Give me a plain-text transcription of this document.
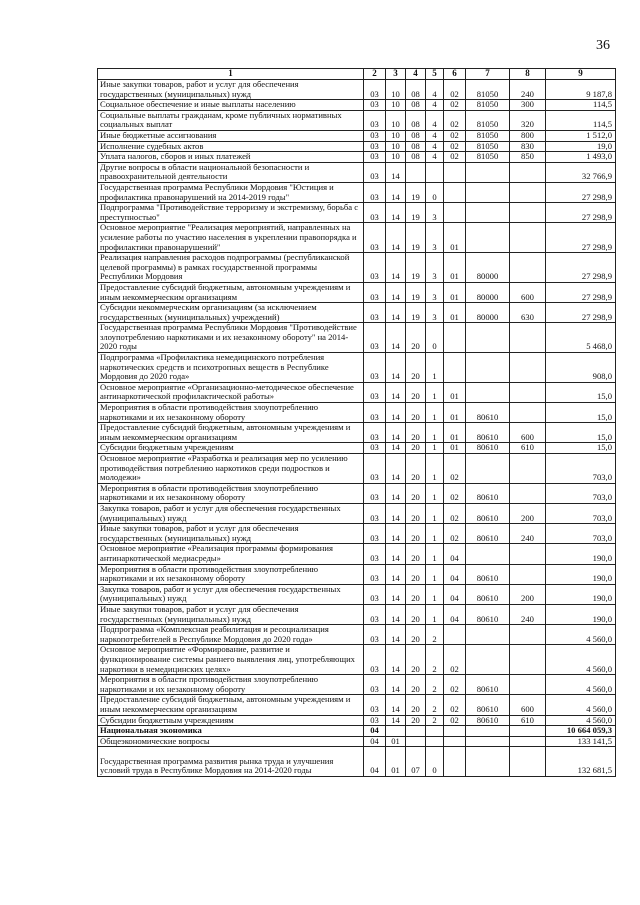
36
1	2	3	4	5	6	7	8	9
Иные закупки товаров, работ и услуг для обеспечения государственных (муниципальных) нужд	03	10	08	4	02	81050	240	9 187,8
Социальное обеспечение и иные выплаты населению	03	10	08	4	02	81050	300	114,5
Социальные выплаты гражданам, кроме публичных нормативных социальных выплат	03	10	08	4	02	81050	320	114,5
Иные бюджетные ассигнования	03	10	08	4	02	81050	800	1 512,0
Исполнение судебных актов	03	10	08	4	02	81050	830	19,0
Уплата налогов, сборов и иных платежей	03	10	08	4	02	81050	850	1 493,0
Другие вопросы в области национальной безопасности и правоохранительной деятельности	03	14						32 766,9
Государственная программа Республики Мордовия "Юстиция и профилактика правонарушений на 2014-2019 годы"	03	14	19	0				27 298,9
Подпрограмма "Противодействие терроризму и экстремизму, борьба с преступностью"	03	14	19	3				27 298,9
Основное мероприятие "Реализация мероприятий, направленных на усиление работы по участию населения в укреплении правопорядка и профилактики правонарушений"	03	14	19	3	01			27 298,9
Реализация направления расходов подпрограммы (республиканской целевой программы) в рамках государственной программы Республики Мордовия	03	14	19	3	01	80000		27 298,9
Предоставление субсидий бюджетным, автономным учреждениям и иным некоммерческим организациям	03	14	19	3	01	80000	600	27 298,9
Субсидии некоммерческим организациям (за исключением государственных (муниципальных) учреждений)	03	14	19	3	01	80000	630	27 298,9
Государственная программа Республики Мордовия "Противодействие злоупотреблению наркотиками и их незаконному обороту" на 2014-2020 годы	03	14	20	0				5 468,0
Подпрограмма «Профилактика немедицинского потребления наркотических средств и психотропных веществ в Республике Мордовия до 2020 года»	03	14	20	1				908,0
Основное мероприятие «Организационно-методическое обеспечение антинаркотической профилактической работы»	03	14	20	1	01			15,0
Мероприятия в области противодействия злоупотреблению наркотиками и их незаконному обороту	03	14	20	1	01	80610		15,0
Предоставление субсидий бюджетным, автономным учреждениям и иным некоммерческим организациям	03	14	20	1	01	80610	600	15,0
Субсидии бюджетным учреждениям	03	14	20	1	01	80610	610	15,0
Основное мероприятие «Разработка и реализация мер по усилению противодействия потреблению наркотиков среди подростков и молодежи»	03	14	20	1	02			703,0
Мероприятия в области противодействия злоупотреблению наркотиками и их незаконному обороту	03	14	20	1	02	80610		703,0
Закупка товаров, работ и услуг для обеспечения государственных (муниципальных) нужд	03	14	20	1	02	80610	200	703,0
Иные закупки товаров, работ и услуг для обеспечения государственных (муниципальных) нужд	03	14	20	1	02	80610	240	703,0
Основное мероприятие «Реализация программы формирования антинаркотической медиасреды»	03	14	20	1	04			190,0
Мероприятия в области противодействия злоупотреблению наркотиками и их незаконному обороту	03	14	20	1	04	80610		190,0
Закупка товаров, работ и услуг для обеспечения государственных (муниципальных) нужд	03	14	20	1	04	80610	200	190,0
Иные закупки товаров, работ и услуг для обеспечения государственных (муниципальных) нужд	03	14	20	1	04	80610	240	190,0
Подпрограмма «Комплексная реабилитация и ресоциализация наркопотребителей в Республике Мордовия до 2020 года»	03	14	20	2				4 560,0
Основное мероприятие «Формирование, развитие и функционирование системы раннего выявления лиц, употребляющих наркотики в немедицинских целях»	03	14	20	2	02			4 560,0
Мероприятия в области противодействия злоупотреблению наркотиками и их незаконному обороту	03	14	20	2	02	80610		4 560,0
Предоставление субсидий бюджетным, автономным учреждениям и иным некоммерческим организациям	03	14	20	2	02	80610	600	4 560,0
Субсидии бюджетным учреждениям	03	14	20	2	02	80610	610	4 560,0
Национальная экономика	04							10 664 059,3
Общеэкономические вопросы	04	01						133 141,5
Государственная программа развития рынка труда и улучшения условий труда в Республике Мордовия на 2014-2020 годы	04	01	07	0				132 681,5
